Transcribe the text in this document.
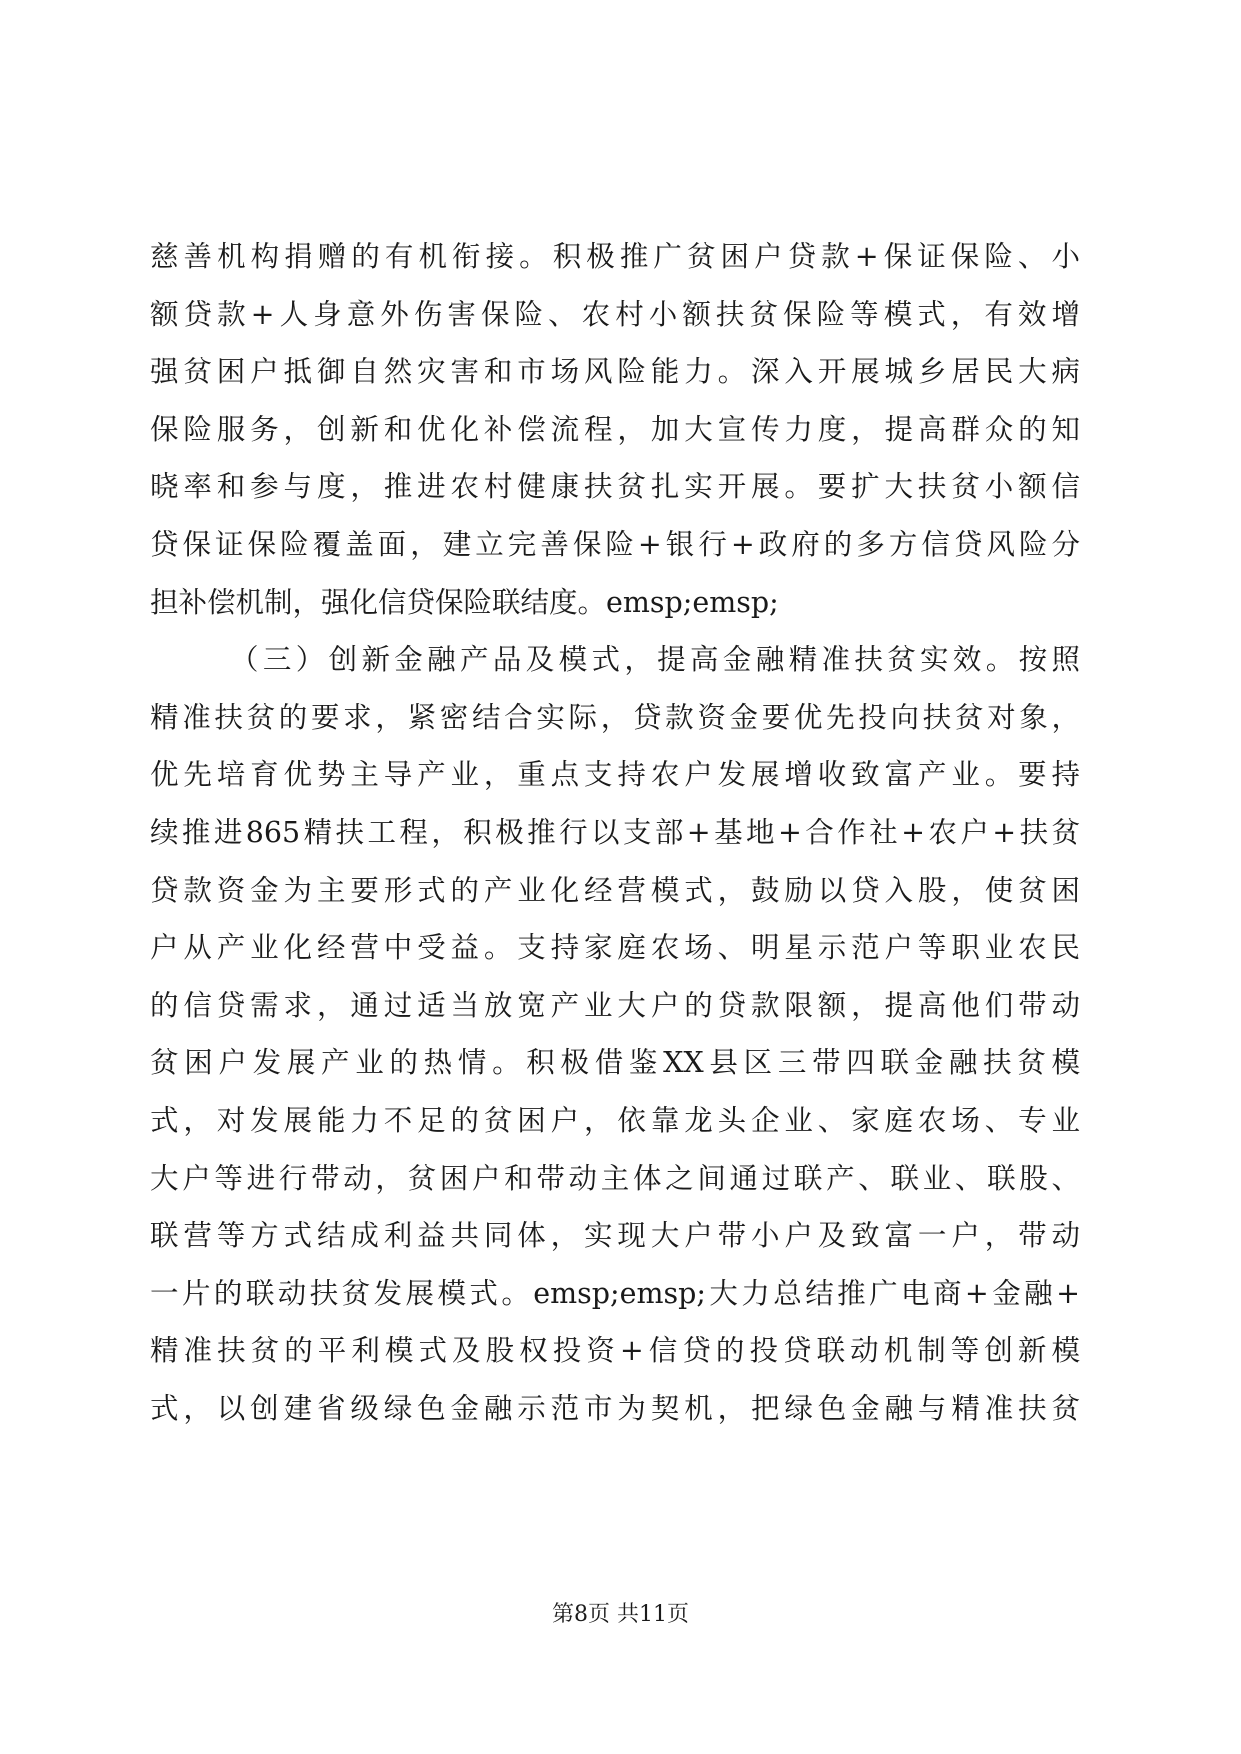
慈善机构捐赠的有机衔接。积极推广贫困户贷款+保证保险、小
额贷款+人身意外伤害保险、农村小额扶贫保险等模式，有效增
强贫困户抵御自然灾害和市场风险能力。深入开展城乡居民大病
保险服务，创新和优化补偿流程，加大宣传力度，提高群众的知
晓率和参与度，推进农村健康扶贫扎实开展。要扩大扶贫小额信
贷保证保险覆盖面，建立完善保险+银行+政府的多方信贷风险分
担补偿机制，强化信贷保险联结度。emsp;emsp;
（三）创新金融产品及模式，提高金融精准扶贫实效。按照
精准扶贫的要求，紧密结合实际，贷款资金要优先投向扶贫对象，
优先培育优势主导产业，重点支持农户发展增收致富产业。要持
续推进865精扶工程，积极推行以支部+基地+合作社+农户+扶贫
贷款资金为主要形式的产业化经营模式，鼓励以贷入股，使贫困
户从产业化经营中受益。支持家庭农场、明星示范户等职业农民
的信贷需求，通过适当放宽产业大户的贷款限额，提高他们带动
贫困户发展产业的热情。积极借鉴XX县区三带四联金融扶贫模
式，对发展能力不足的贫困户，依靠龙头企业、家庭农场、专业
大户等进行带动，贫困户和带动主体之间通过联产、联业、联股、
联营等方式结成利益共同体，实现大户带小户及致富一户，带动
一片的联动扶贫发展模式。emsp;emsp;大力总结推广电商+金融+
精准扶贫的平利模式及股权投资+信贷的投贷联动机制等创新模
式，以创建省级绿色金融示范市为契机，把绿色金融与精准扶贫
第8页 共11页
